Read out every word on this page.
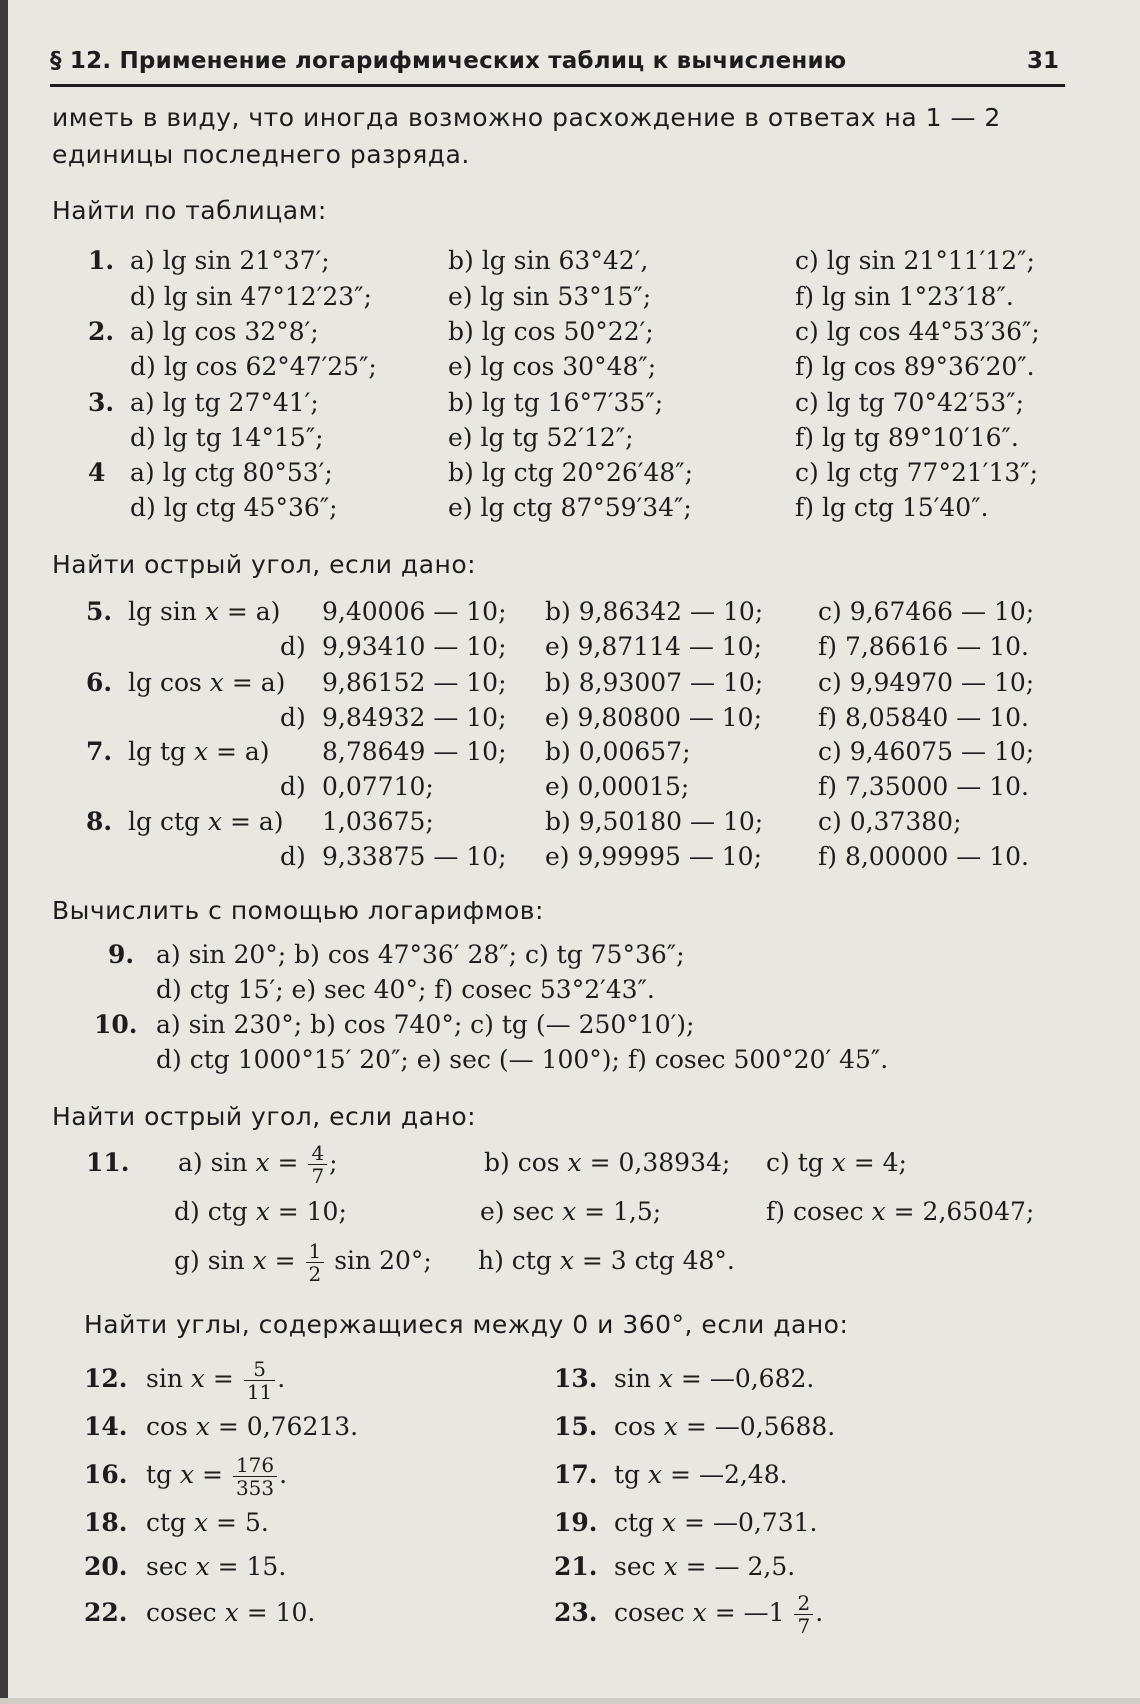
§ 12. Применение логарифмических таблиц к вычислению	31
иметь в виду, что иногда возможно расхождение в ответах на 1 — 2
единицы последнего разряда.
Найти по таблицам:
1. a) lg sin 21°37′;	b) lg sin 63°42′,	c) lg sin 21°11′12″;
d) lg sin 47°12′23″;	e) lg sin 53°15″;	f) lg sin 1°23′18″.
2. a) lg cos 32°8′;	b) lg cos 50°22′;	c) lg cos 44°53′36″;
d) lg cos 62°47′25″;	e) lg cos 30°48″;	f) lg cos 89°36′20″.
3. a) lg tg 27°41′;	b) lg tg 16°7′35″;	c) lg tg 70°42′53″;
d) lg tg 14°15″;	e) lg tg 52′12″;	f) lg tg 89°10′16″.
4 a) lg ctg 80°53′;	b) lg ctg 20°26′48″;	c) lg ctg 77°21′13″;
d) lg ctg 45°36″;	e) lg ctg 87°59′34″;	f) lg ctg 15′40″.
Найти острый угол, если дано:
5. lg sin x = a) 9,40006 — 10; b) 9,86342 — 10; c) 9,67466 — 10;
d) 9,93410 — 10; e) 9,87114 — 10; f) 7,86616 — 10.
6. lg cos x = a) 9,86152 — 10; b) 8,93007 — 10; c) 9,94970 — 10;
d) 9,84932 — 10; e) 9,80800 — 10; f) 8,05840 — 10.
7. lg tg x = a) 8,78649 — 10; b) 0,00657;	c) 9,46075 — 10;
d) 0,07710;	e) 0,00015;	f) 7,35000 — 10.
8. lg ctg x = a) 1,03675;	b) 9,50180 — 10; c) 0,37380;
d) 9,33875 — 10; e) 9,99995 — 10; f) 8,00000 — 10.
Вычислить с помощью логарифмов:
9. a) sin 20°; b) cos 47°36′ 28″; c) tg 75°36″;
d) ctg 15′; e) sec 40°; f) cosec 53°2′43″.
10. a) sin 230°; b) cos 740°; c) tg (— 250°10′);
d) ctg 1000°15′ 20″; e) sec (— 100°); f) cosec 500°20′ 45″.
Найти острый угол, если дано:
11. a) $\sin x = \frac{4}{7}$ ;	b) cos x = 0,38934; c) tg x = 4;
d) ctg x = 10;	e) sec x = 1,5;	f) cosec x = 2,65047;
g) $\sin x = \frac{1}{2}$ sin 20°; h) ctg x = 3 ctg 48°.
Найти углы, содержащиеся между 0 и 360°, если дано:
12. $\sin x = \frac{5}{11}$ .	13. sin x = —0,682.
14. cos x = 0,76213.	15. cos x = —0,5688.
16. tg $x = \frac{176}{353}$ .	17. tg x = —2,48.
18. ctg x = 5.	19. ctg x = —0,731.
20. sec x = 15.	21. sec x = — 2,5.
22. cosec x = 10.	23. cosec x = —1 $\frac{2}{7}$ .
